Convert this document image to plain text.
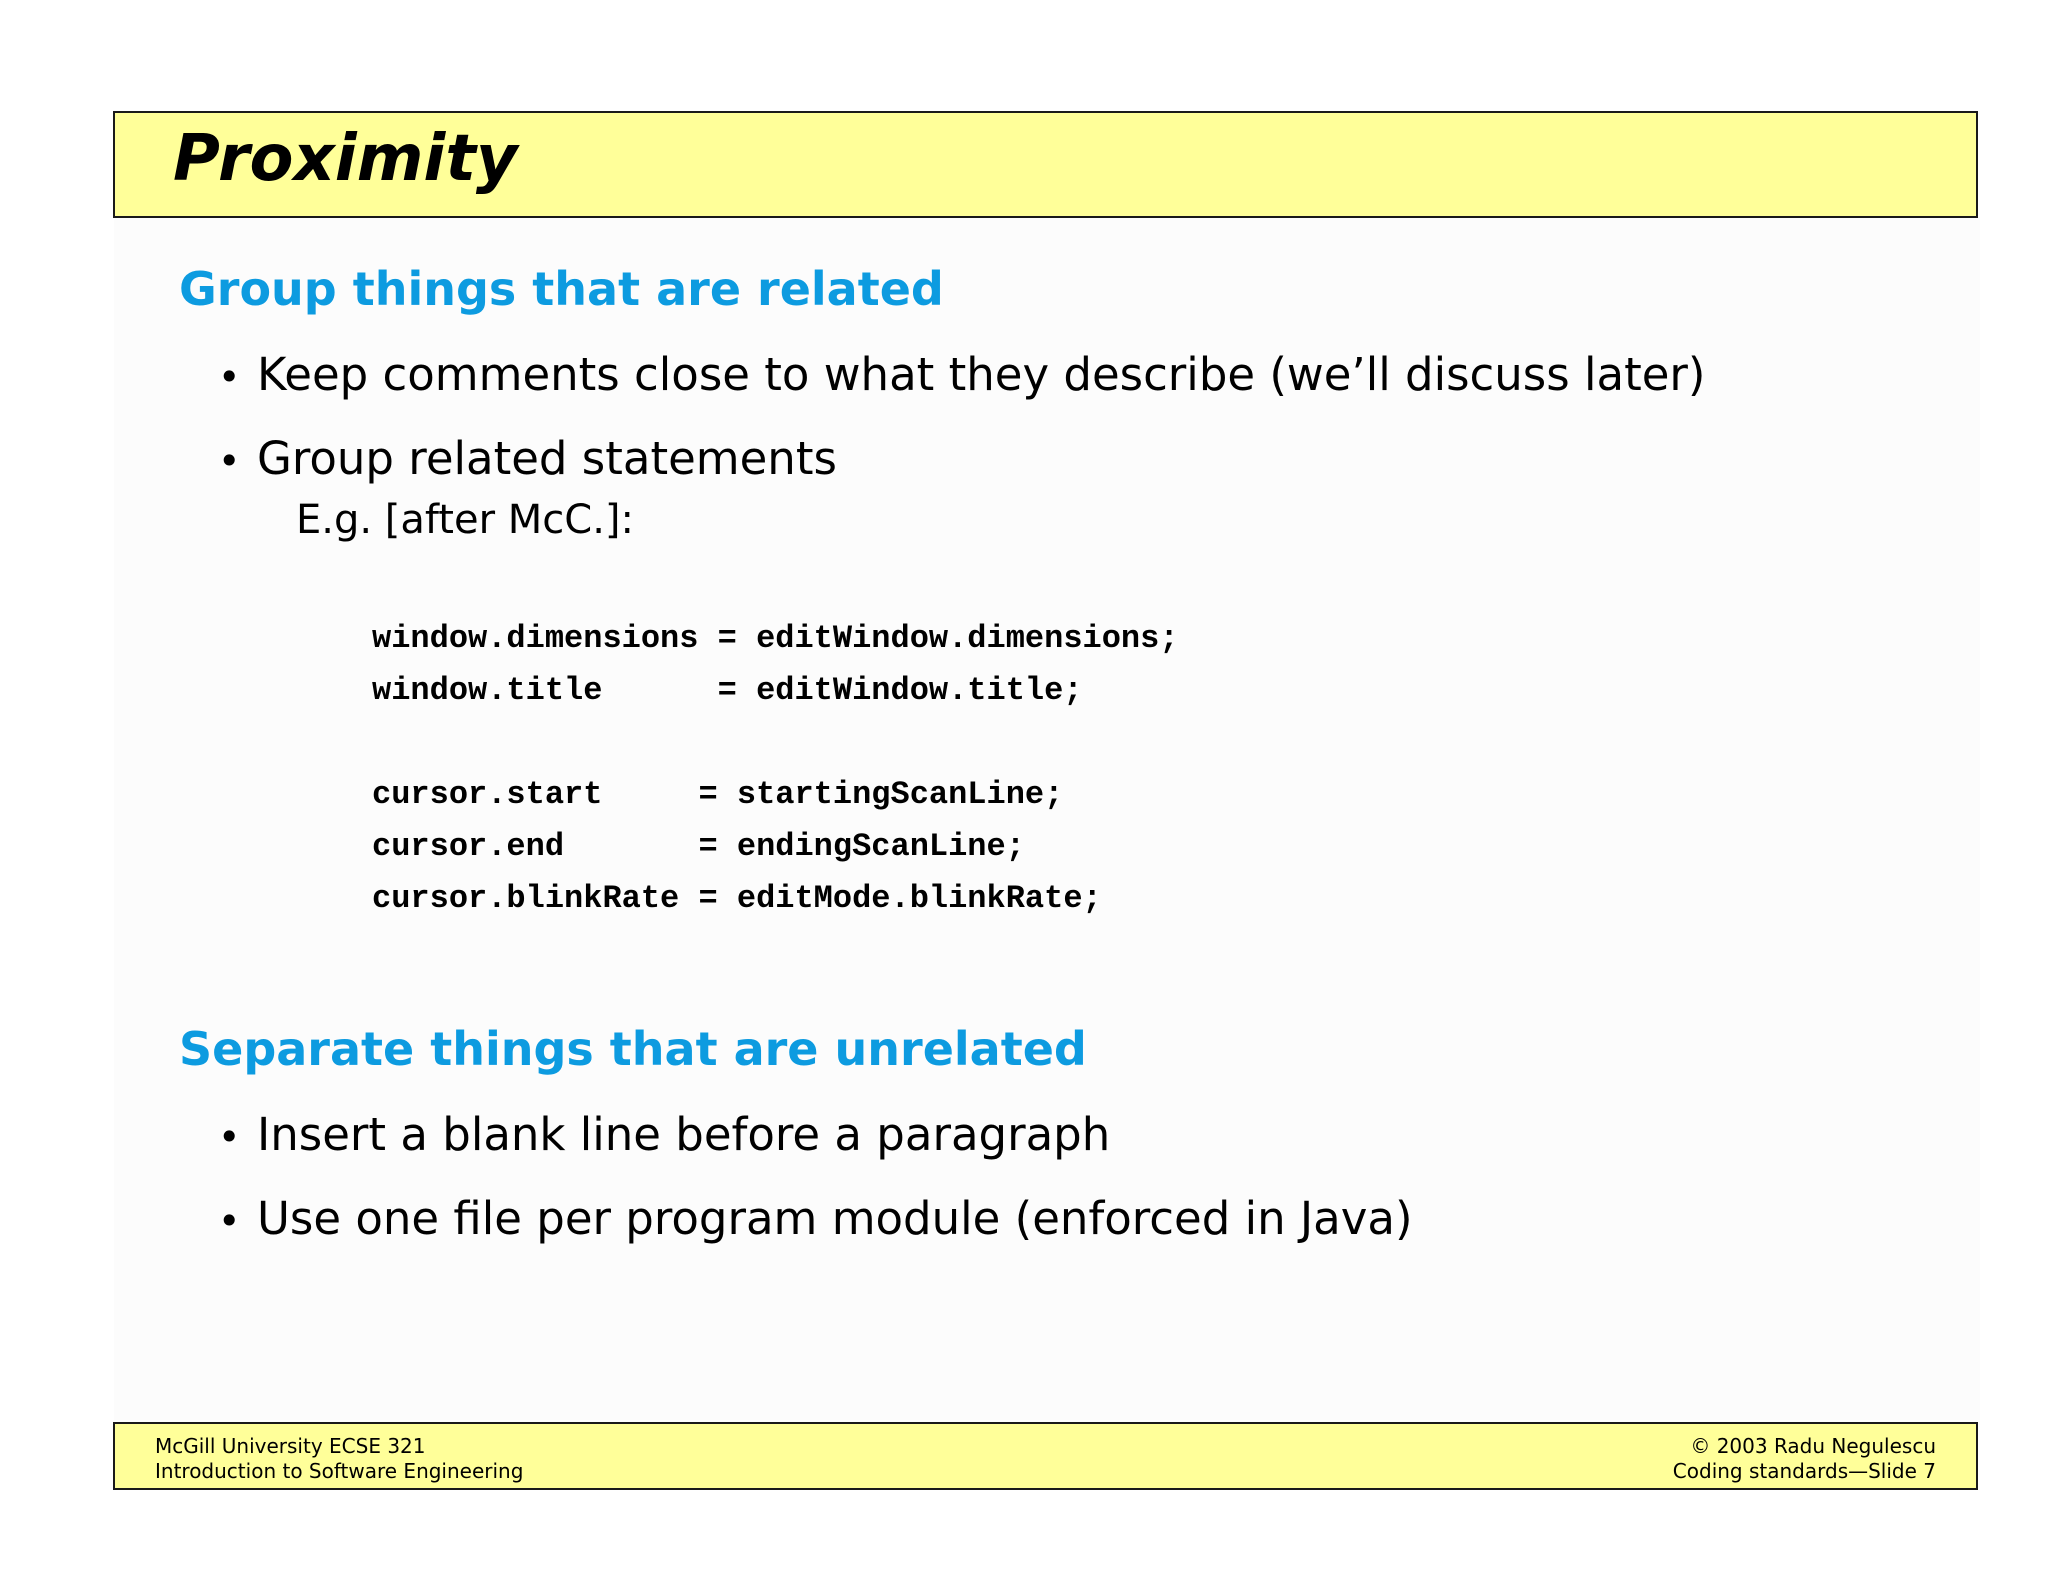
Proximity
Group things that are related
• Keep comments close to what they describe (we’ll discuss later)
• Group related statements
E.g. [after McC.]:
window.dimensions = editWindow.dimensions;
window.title      = editWindow.title;
cursor.start     = startingScanLine;
cursor.end       = endingScanLine;
cursor.blinkRate = editMode.blinkRate;
Separate things that are unrelated
• Insert a blank line before a paragraph
• Use one file per program module (enforced in Java)
McGill University ECSE 321
Introduction to Software Engineering
© 2003 Radu Negulescu
Coding standards—Slide 7
